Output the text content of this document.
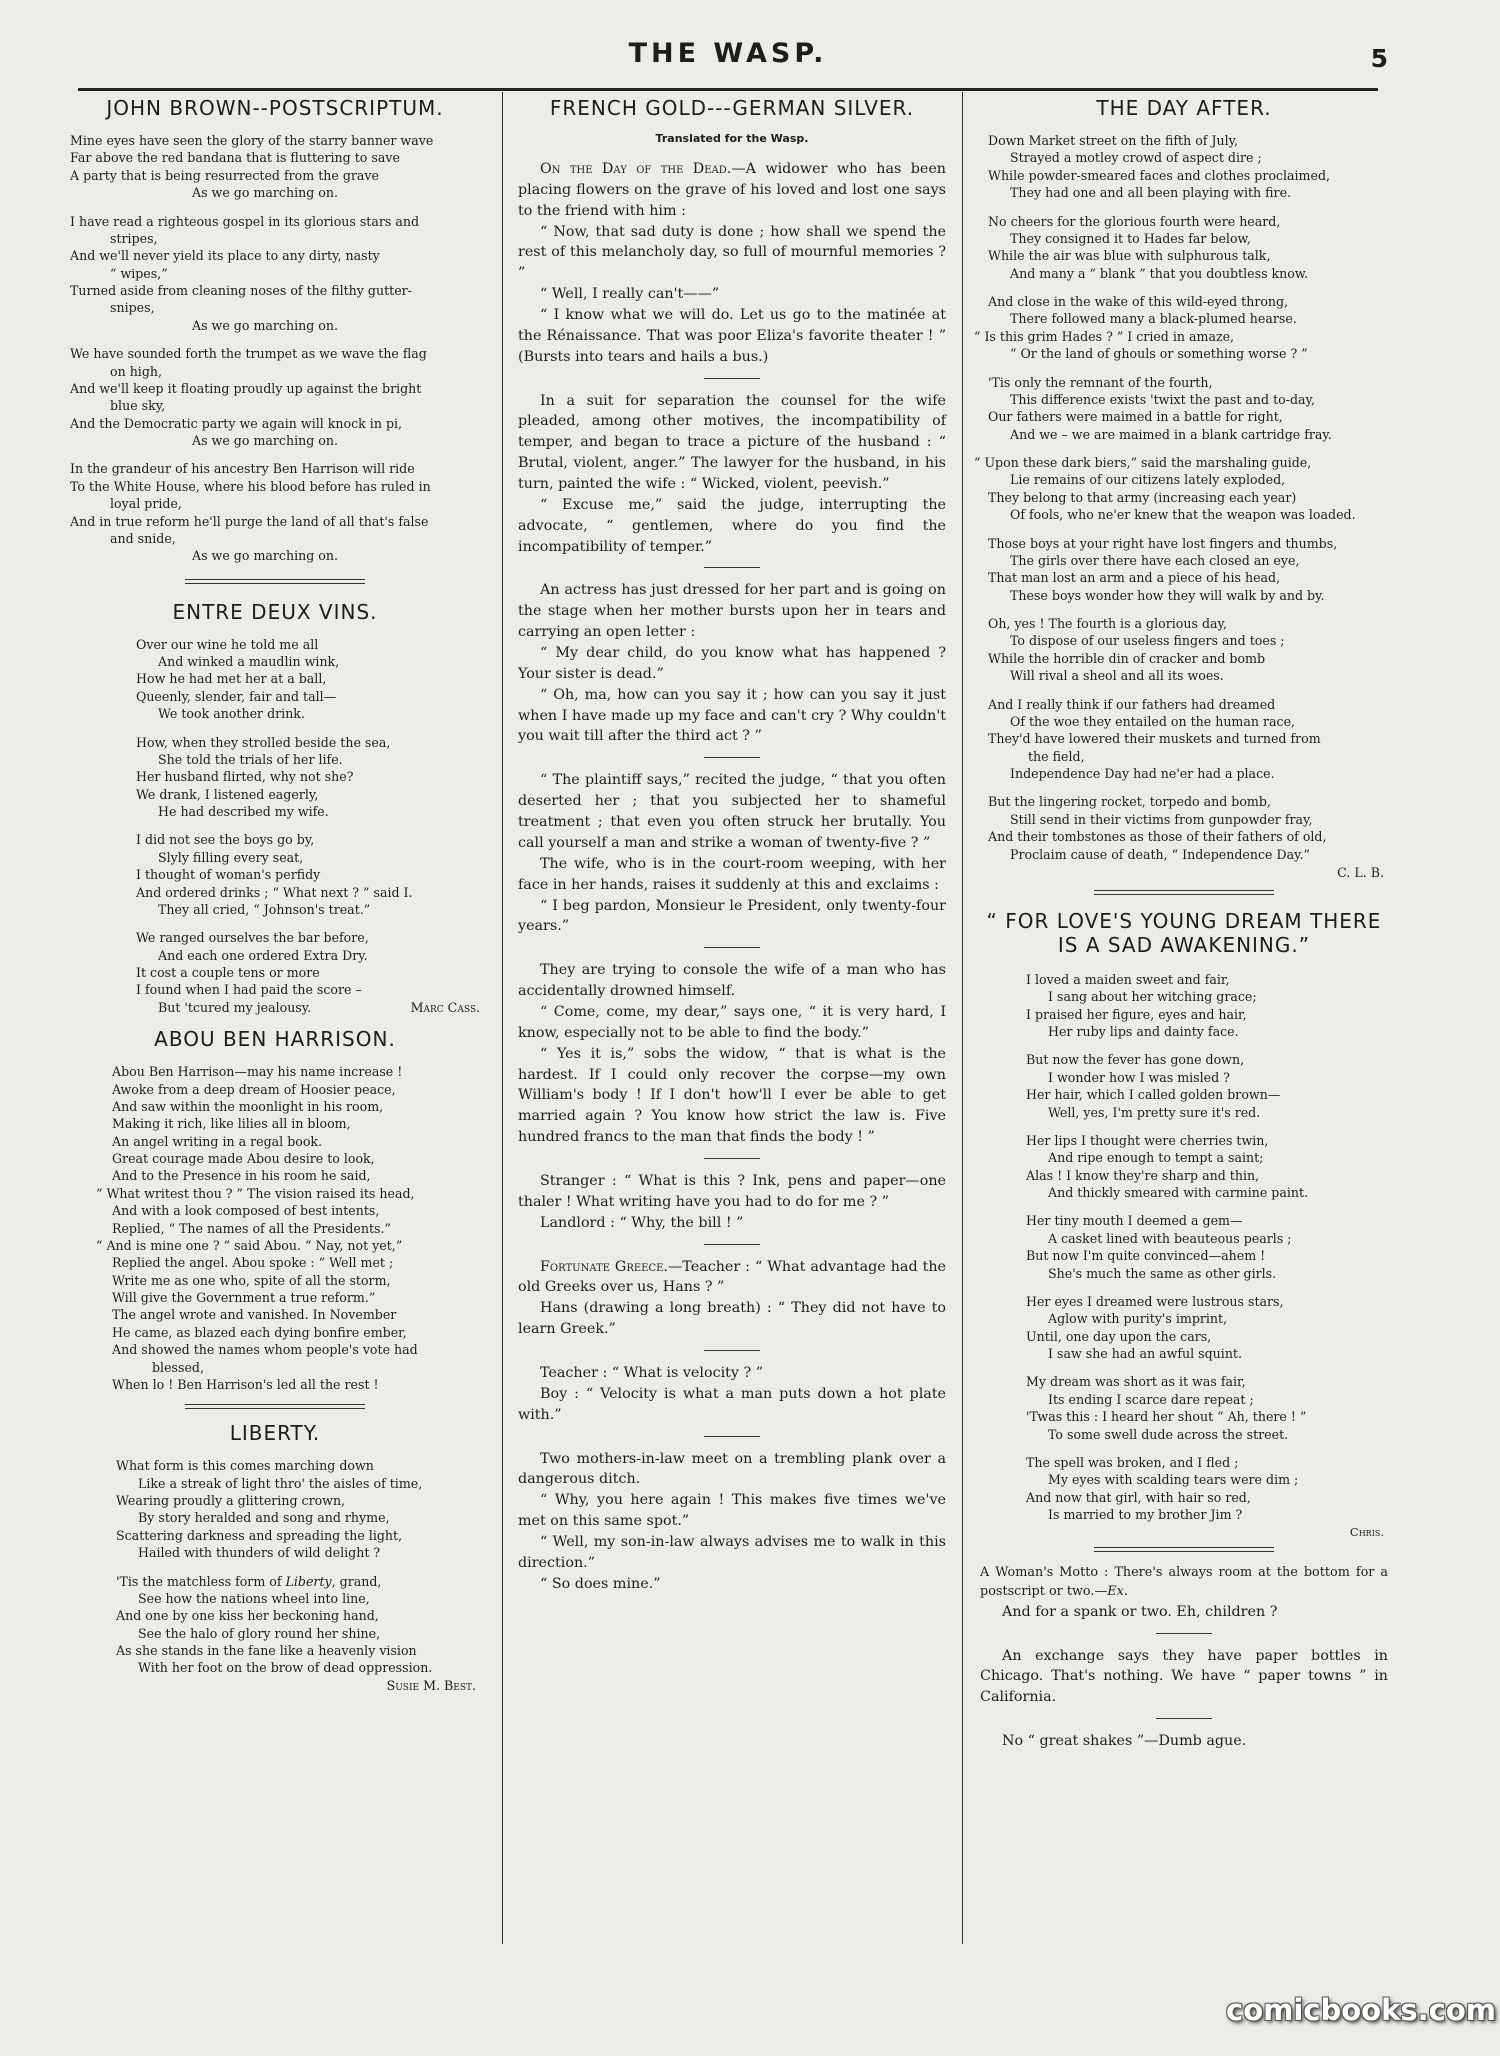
THE WASP.	5
JOHN BROWN--POSTSCRIPTUM.
Mine eyes have seen the glory of the starry banner wave
Far above the red bandana that is fluttering to save
A party that is being resurrected from the grave
As we go marching on.
I have read a righteous gospel in its glorious stars and
stripes,
And we'll never yield its place to any dirty, nasty
“ wipes,”
Turned aside from cleaning noses of the filthy gutter-
snipes,
As we go marching on.
We have sounded forth the trumpet as we wave the flag
on high,
And we'll keep it floating proudly up against the bright
blue sky,
And the Democratic party we again will knock in pi,
As we go marching on.
In the grandeur of his ancestry Ben Harrison will ride
To the White House, where his blood before has ruled in
loyal pride,
And in true reform he'll purge the land of all that's false
and snide,
As we go marching on.
ENTRE DEUX VINS.
Over our wine he told me all
And winked a maudlin wink,
How he had met her at a ball,
Queenly, slender, fair and tall—
We took another drink.
How, when they strolled beside the sea,
She told the trials of her life.
Her husband flirted, why not she?
We drank, I listened eagerly,
He had described my wife.
I did not see the boys go by,
Slyly filling every seat,
I thought of woman's perfidy
And ordered drinks ; “ What next ? ” said I.
They all cried, “ Johnson's treat.”
We ranged ourselves the bar before,
And each one ordered Extra Dry.
It cost a couple tens or more
I found when I had paid the score –
But 'tcured my jealousy.	Marc Cass.
ABOU BEN HARRISON.
Abou Ben Harrison—may his name increase !
Awoke from a deep dream of Hoosier peace,
And saw within the moonlight in his room,
Making it rich, like lilies all in bloom,
An angel writing in a regal book.
Great courage made Abou desire to look,
And to the Presence in his room he said,
“ What writest thou ? ” The vision raised its head,
And with a look composed of best intents,
Replied, “ The names of all the Presidents.”
“ And is mine one ? ” said Abou. “ Nay, not yet,”
Replied the angel. Abou spoke : “ Well met ;
Write me as one who, spite of all the storm,
Will give the Government a true reform.”
The angel wrote and vanished. In November
He came, as blazed each dying bonfire ember,
And showed the names whom people's vote had
blessed,
When lo ! Ben Harrison's led all the rest !
LIBERTY.
What form is this comes marching down
Like a streak of light thro' the aisles of time,
Wearing proudly a glittering crown,
By story heralded and song and rhyme,
Scattering darkness and spreading the light,
Hailed with thunders of wild delight ?
'Tis the matchless form of Liberty, grand,
See how the nations wheel into line,
And one by one kiss her beckoning hand,
See the halo of glory round her shine,
As she stands in the fane like a heavenly vision
With her foot on the brow of dead oppression.
Susie M. Best.
FRENCH GOLD---GERMAN SILVER.
Translated for the Wasp.

On the Day of the Dead.—A widower who has been placing flowers on the grave of his loved and lost one says to the friend with him :

“ Now, that sad duty is done ; how shall we spend the rest of this melancholy day, so full of mournful memories ? ”

“ Well, I really can't——”

“ I know what we will do. Let us go to the matinée at the Rénaissance. That was poor Eliza's favorite theater ! ” (Bursts into tears and hails a bus.)

In a suit for separation the counsel for the wife pleaded, among other motives, the incompatibility of temper, and began to trace a picture of the husband : “ Brutal, violent, anger.” The lawyer for the husband, in his turn, painted the wife : “ Wicked, violent, peevish.”

“ Excuse me,” said the judge, interrupting the advocate, “ gentlemen, where do you find the incompatibility of temper.”

An actress has just dressed for her part and is going on the stage when her mother bursts upon her in tears and carrying an open letter :

“ My dear child, do you know what has happened ? Your sister is dead.”

“ Oh, ma, how can you say it ; how can you say it just when I have made up my face and can't cry ? Why couldn't you wait till after the third act ? ”

“ The plaintiff says,” recited the judge, “ that you often deserted her ; that you subjected her to shameful treatment ; that even you often struck her brutally. You call yourself a man and strike a woman of twenty-five ? ”

The wife, who is in the court-room weeping, with her face in her hands, raises it suddenly at this and exclaims :

“ I beg pardon, Monsieur le President, only twenty-four years.”

They are trying to console the wife of a man who has accidentally drowned himself.

“ Come, come, my dear,” says one, “ it is very hard, I know, especially not to be able to find the body.”

“ Yes it is,” sobs the widow, “ that is what is the hardest. If I could only recover the corpse—my own William's body ! If I don't how'll I ever be able to get married again ? You know how strict the law is. Five hundred francs to the man that finds the body ! ”

Stranger : “ What is this ? Ink, pens and paper—one thaler ! What writing have you had to do for me ? ”

Landlord : “ Why, the bill ! ”

Fortunate Greece.—Teacher : “ What advantage had the old Greeks over us, Hans ? ”

Hans (drawing a long breath) : “ They did not have to learn Greek.”

Teacher : “ What is velocity ? ”

Boy : “ Velocity is what a man puts down a hot plate with.”

Two mothers-in-law meet on a trembling plank over a dangerous ditch.

“ Why, you here again ! This makes five times we've met on this same spot.”

“ Well, my son-in-law always advises me to walk in this direction.”

“ So does mine.”

THE DAY AFTER.
Down Market street on the fifth of July,
Strayed a motley crowd of aspect dire ;
While powder-smeared faces and clothes proclaimed,
They had one and all been playing with fire.
No cheers for the glorious fourth were heard,
They consigned it to Hades far below,
While the air was blue with sulphurous talk,
And many a “ blank ” that you doubtless know.
And close in the wake of this wild-eyed throng,
There followed many a black-plumed hearse.
“ Is this grim Hades ? ” I cried in amaze,
“ Or the land of ghouls or something worse ? ”
'Tis only the remnant of the fourth,
This difference exists 'twixt the past and to-day,
Our fathers were maimed in a battle for right,
And we – we are maimed in a blank cartridge fray.
“ Upon these dark biers,” said the marshaling guide,
Lie remains of our citizens lately exploded,
They belong to that army (increasing each year)
Of fools, who ne'er knew that the weapon was loaded.
Those boys at your right have lost fingers and thumbs,
The girls over there have each closed an eye,
That man lost an arm and a piece of his head,
These boys wonder how they will walk by and by.
Oh, yes ! The fourth is a glorious day,
To dispose of our useless fingers and toes ;
While the horrible din of cracker and bomb
Will rival a sheol and all its woes.
And I really think if our fathers had dreamed
Of the woe they entailed on the human race,
They'd have lowered their muskets and turned from
the field,
Independence Day had ne'er had a place.
But the lingering rocket, torpedo and bomb,
Still send in their victims from gunpowder fray,
And their tombstones as those of their fathers of old,
Proclaim cause of death, “ Independence Day.”
C. L. B.
“ FOR LOVE'S YOUNG DREAM THERE
IS A SAD AWAKENING.”
I loved a maiden sweet and fair,
I sang about her witching grace;
I praised her figure, eyes and hair,
Her ruby lips and dainty face.
But now the fever has gone down,
I wonder how I was misled ?
Her hair, which I called golden brown—
Well, yes, I'm pretty sure it's red.
Her lips I thought were cherries twin,
And ripe enough to tempt a saint;
Alas ! I know they're sharp and thin,
And thickly smeared with carmine paint.
Her tiny mouth I deemed a gem—
A casket lined with beauteous pearls ;
But now I'm quite convinced—ahem !
She's much the same as other girls.
Her eyes I dreamed were lustrous stars,
Aglow with purity's imprint,
Until, one day upon the cars,
I saw she had an awful squint.
My dream was short as it was fair,
Its ending I scarce dare repeat ;
'Twas this : I heard her shout “ Ah, there ! ”
To some swell dude across the street.
The spell was broken, and I fled ;
My eyes with scalding tears were dim ;
And now that girl, with hair so red,
Is married to my brother Jim ?
Chris.

A Woman's Motto : There's always room at the bottom for a postscript or two.—Ex.

And for a spank or two. Eh, children ?

An exchange says they have paper bottles in Chicago. That's nothing. We have “ paper towns ” in California.

No “ great shakes ”—Dumb ague.

comicbooks.com
